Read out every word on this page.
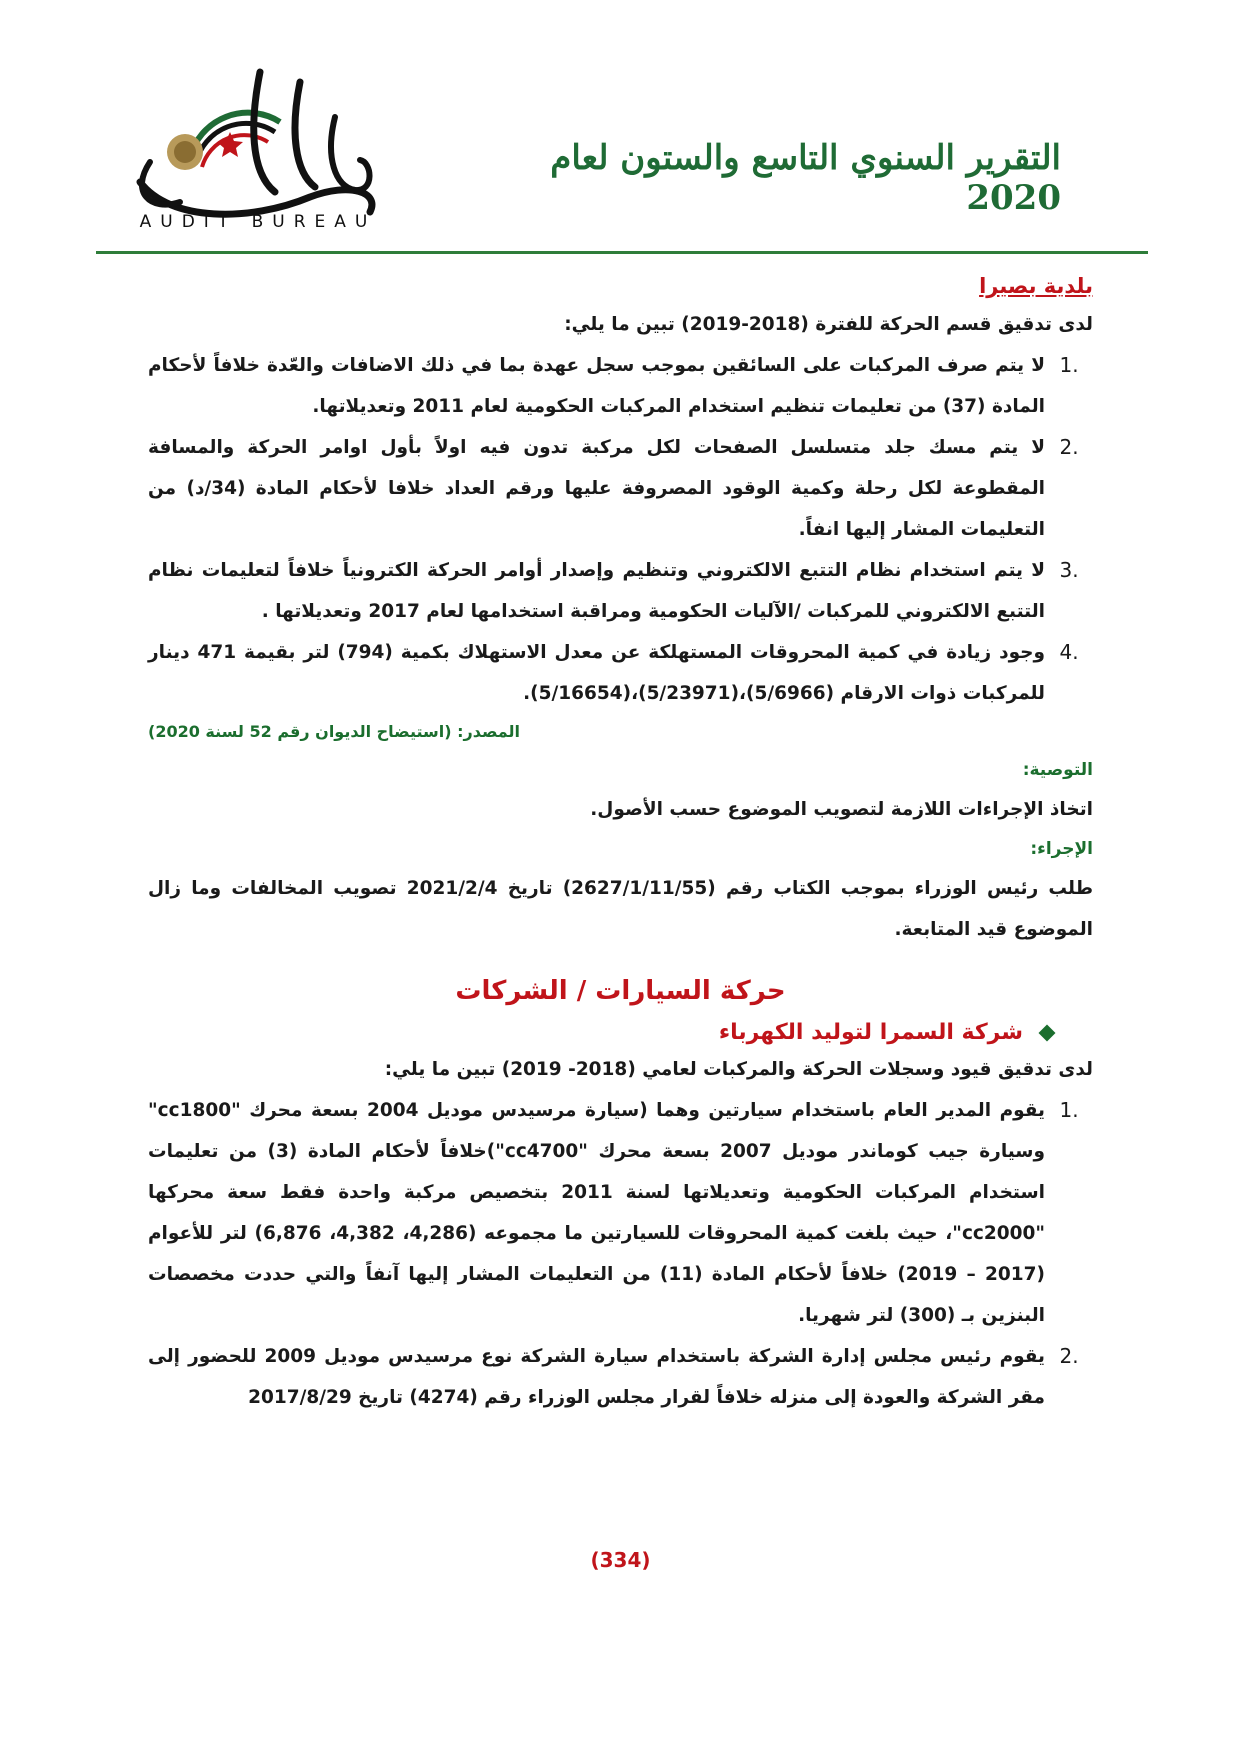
AUDIT BUREAU
التقرير السنوي التاسع والستون لعام 2020
بلدية بصيرا

لدى تدقيق قسم الحركة للفترة (2018-2019) تبين ما يلي:

.1
لا يتم صرف المركبات على السائقين بموجب سجل عهدة بما في ذلك الاضافات والعّدة خلافاً لأحكام المادة (37) من تعليمات تنظيم استخدام المركبات الحكومية لعام 2011 وتعديلاتها.
.2
لا يتم مسك جلد متسلسل الصفحات لكل مركبة تدون فيه اولاً بأول اوامر الحركة والمسافة المقطوعة لكل رحلة وكمية الوقود المصروفة عليها ورقم العداد خلافا لأحكام المادة (34/د) من التعليمات المشار إليها انفاً.
.3
لا يتم استخدام نظام التتبع الالكتروني وتنظيم وإصدار أوامر الحركة الكترونياً خلافاً لتعليمات نظام التتبع الالكتروني للمركبات /الآليات الحكومية ومراقبة استخدامها لعام 2017 وتعديلاتها .
.4
وجود زيادة في كمية المحروقات المستهلكة عن معدل الاستهلاك بكمية (794) لتر بقيمة 471 دينار للمركبات ذوات الارقام (5/6966)،(5/23971)،(5/16654).
المصدر: (استيضاح الديوان رقم 52 لسنة 2020)
التوصية:

اتخاذ الإجراءات اللازمة لتصويب الموضوع حسب الأصول.

الإجراء:

طلب رئيس الوزراء بموجب الكتاب رقم (2627/1/11/55) تاريخ 2021/2/4 تصويب المخالفات وما زال الموضوع قيد المتابعة.

حركة السيارات / الشركات
شركة السمرا لتوليد الكهرباء

لدى تدقيق قيود وسجلات الحركة والمركبات لعامي (2018- 2019) تبين ما يلي:

.1
يقوم المدير العام باستخدام سيارتين وهما (سيارة مرسيدس موديل 2004 بسعة محرك "cc1800" وسيارة جيب كوماندر موديل 2007 بسعة محرك "cc4700")خلافاً لأحكام المادة (3) من تعليمات استخدام المركبات الحكومية وتعديلاتها لسنة 2011 بتخصيص مركبة واحدة فقط سعة محركها "cc2000"، حيث بلغت كمية المحروقات للسيارتين ما مجموعه (4,286، 4,382، 6,876) لتر للأعوام (2017 – 2019) خلافاً لأحكام المادة (11) من التعليمات المشار إليها آنفاً والتي حددت مخصصات البنزين بـ (300) لتر شهريا.
.2
يقوم رئيس مجلس إدارة الشركة باستخدام سيارة الشركة نوع مرسيدس موديل 2009 للحضور إلى مقر الشركة والعودة إلى منزله خلافاً لقرار مجلس الوزراء رقم (4274) تاريخ 2017/8/29
(334)
